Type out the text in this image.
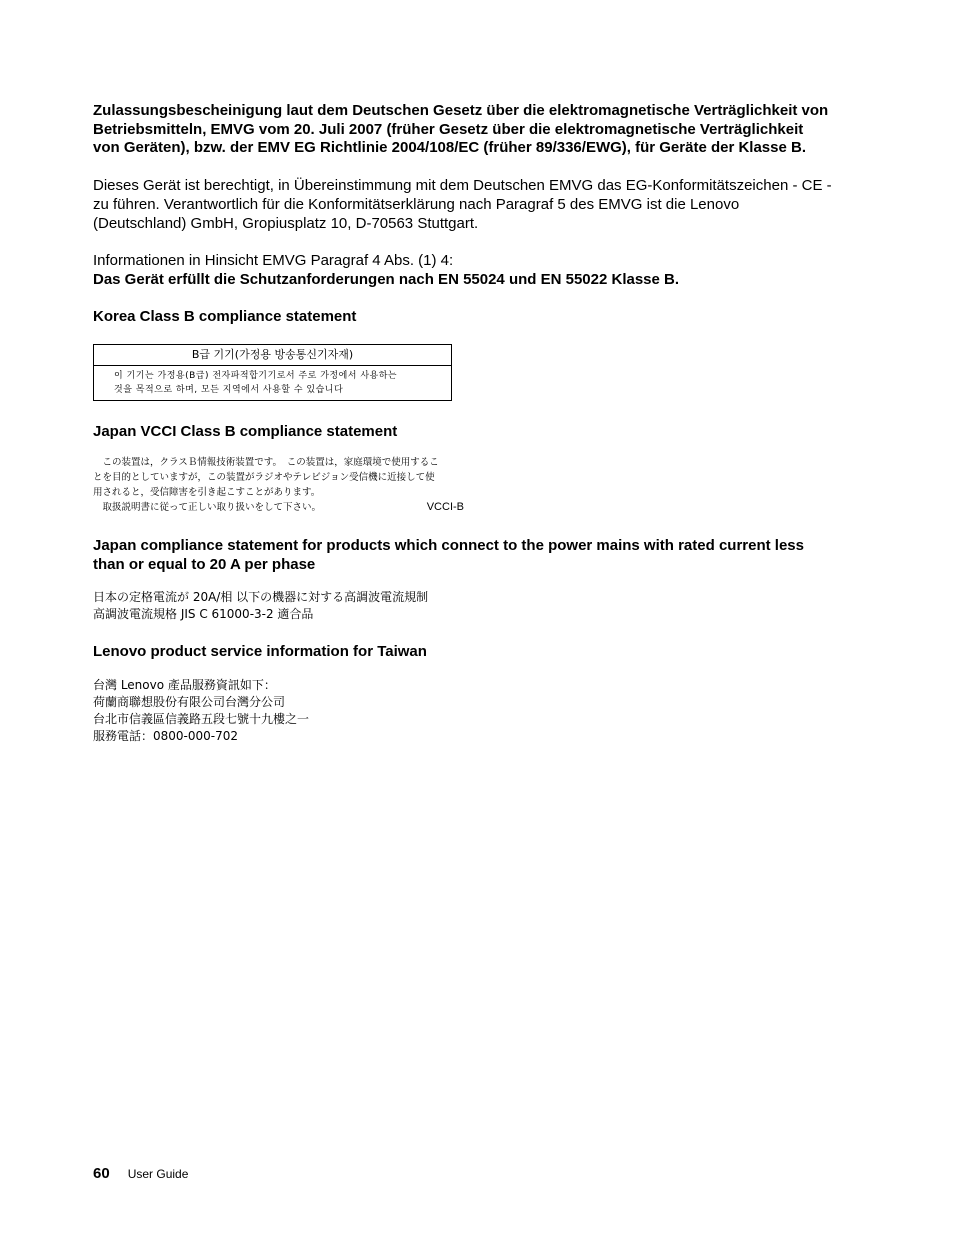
Zulassungsbescheinigung laut dem Deutschen Gesetz über die elektromagnetische Verträglichkeit von Betriebsmitteln, EMVG vom 20. Juli 2007 (früher Gesetz über die elektromagnetische Verträglichkeit von Geräten), bzw. der EMV EG Richtlinie 2004/108/EC (früher 89/336/EWG), für Geräte der Klasse B.

Dieses Gerät ist berechtigt, in Übereinstimmung mit dem Deutschen EMVG das EG-Konformitätszeichen - CE - zu führen. Verantwortlich für die Konformitätserklärung nach Paragraf 5 des EMVG ist die Lenovo (Deutschland) GmbH, Gropiusplatz 10, D-70563 Stuttgart.

Informationen in Hinsicht EMVG Paragraf 4 Abs. (1) 4:
Das Gerät erfüllt die Schutzanforderungen nach EN 55024 und EN 55022 Klasse B.

Korea Class B compliance statement

B급 기기(가정용 방송통신기자재)
이 기기는 가정용(B급) 전자파적합기기로서 주로 가정에서 사용하는
것을 목적으로 하며, 모든 지역에서 사용할 수 있습니다

Japan VCCI Class B compliance statement

　この装置は，クラスＢ情報技術装置です。　この装置は，家庭環境で使用するこ
とを目的としていますが，この装置がラジオやテレビジョン受信機に近接して使
用されると，受信障害を引き起こすことがあります。
　取扱説明書に従って正しい取り扱いをして下さい。	VCCI-B

Japan compliance statement for products which connect to the power mains with rated current less than or equal to 20 A per phase

日本の定格電流が 20A/相 以下の機器に対する高調波電流規制
高調波電流規格 JIS C 61000-3-2 適合品

Lenovo product service information for Taiwan

台灣 Lenovo 產品服務資訊如下：
荷蘭商聯想股份有限公司台灣分公司
台北市信義區信義路五段七號十九樓之一
服務電話：0800-000-702
60 User Guide
